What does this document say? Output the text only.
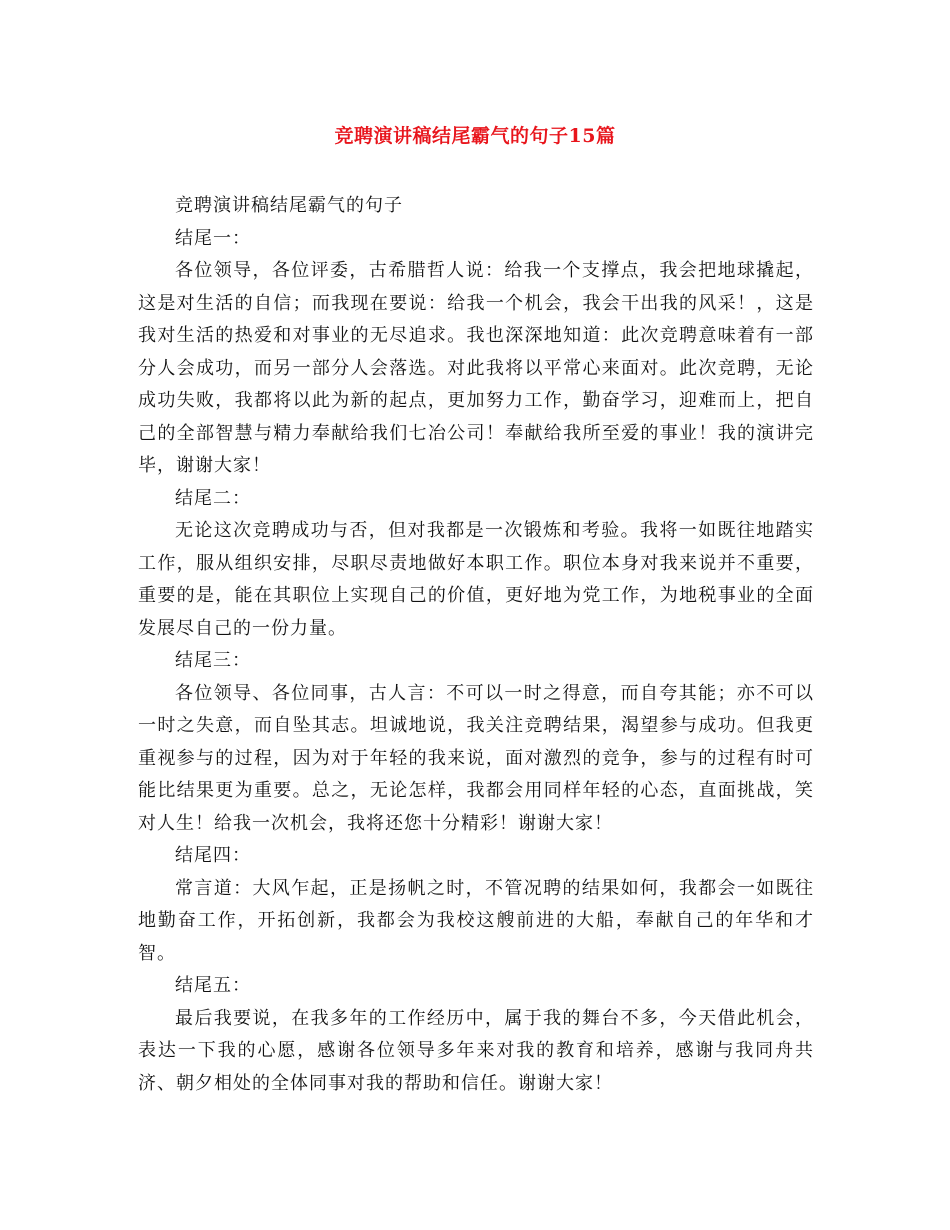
竞聘演讲稿结尾霸气的句子15篇

竞聘演讲稿结尾霸气的句子

结尾一：

各位领导，各位评委，古希腊哲人说：给我一个支撑点，我会把地球撬起，这是对生活的自信；而我现在要说：给我一个机会，我会干出我的风采！，这是我对生活的热爱和对事业的无尽追求。我也深深地知道：此次竞聘意味着有一部分人会成功，而另一部分人会落选。对此我将以平常心来面对。此次竞聘，无论成功失败，我都将以此为新的起点，更加努力工作，勤奋学习，迎难而上，把自己的全部智慧与精力奉献给我们七冶公司！奉献给我所至爱的事业！我的演讲完毕，谢谢大家！

结尾二：

无论这次竞聘成功与否，但对我都是一次锻炼和考验。我将一如既往地踏实工作，服从组织安排，尽职尽责地做好本职工作。职位本身对我来说并不重要，重要的是，能在其职位上实现自己的价值，更好地为党工作，为地税事业的全面发展尽自己的一份力量。

结尾三：

各位领导、各位同事，古人言：不可以一时之得意，而自夸其能；亦不可以一时之失意，而自坠其志。坦诚地说，我关注竞聘结果，渴望参与成功。但我更重视参与的过程，因为对于年轻的我来说，面对激烈的竞争，参与的过程有时可能比结果更为重要。总之，无论怎样，我都会用同样年轻的心态，直面挑战，笑对人生！给我一次机会，我将还您十分精彩！谢谢大家！

结尾四：

常言道：大风乍起，正是扬帆之时，不管况聘的结果如何，我都会一如既往地勤奋工作，开拓创新，我都会为我校这艘前进的大船，奉献自己的年华和才智。

结尾五：

最后我要说，在我多年的工作经历中，属于我的舞台不多，今天借此机会，表达一下我的心愿，感谢各位领导多年来对我的教育和培养，感谢与我同舟共济、朝夕相处的全体同事对我的帮助和信任。谢谢大家！
